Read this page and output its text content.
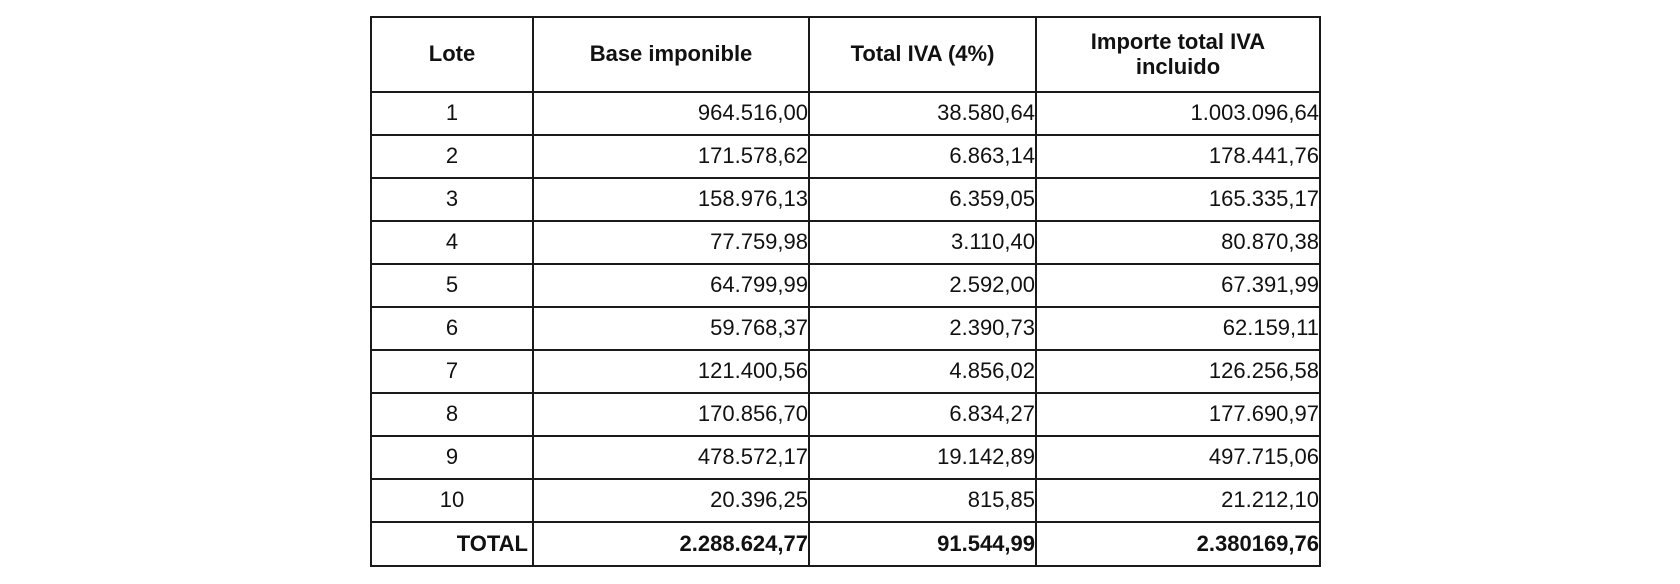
Lote	Base imponible	Total IVA (4%)	Importe total IVA incluido
1	964.516,00	38.580,64	1.003.096,64
2	171.578,62	6.863,14	178.441,76
3	158.976,13	6.359,05	165.335,17
4	77.759,98	3.110,40	80.870,38
5	64.799,99	2.592,00	67.391,99
6	59.768,37	2.390,73	62.159,11
7	121.400,56	4.856,02	126.256,58
8	170.856,70	6.834,27	177.690,97
9	478.572,17	19.142,89	497.715,06
10	20.396,25	815,85	21.212,10
TOTAL	2.288.624,77	91.544,99	2.380169,76
